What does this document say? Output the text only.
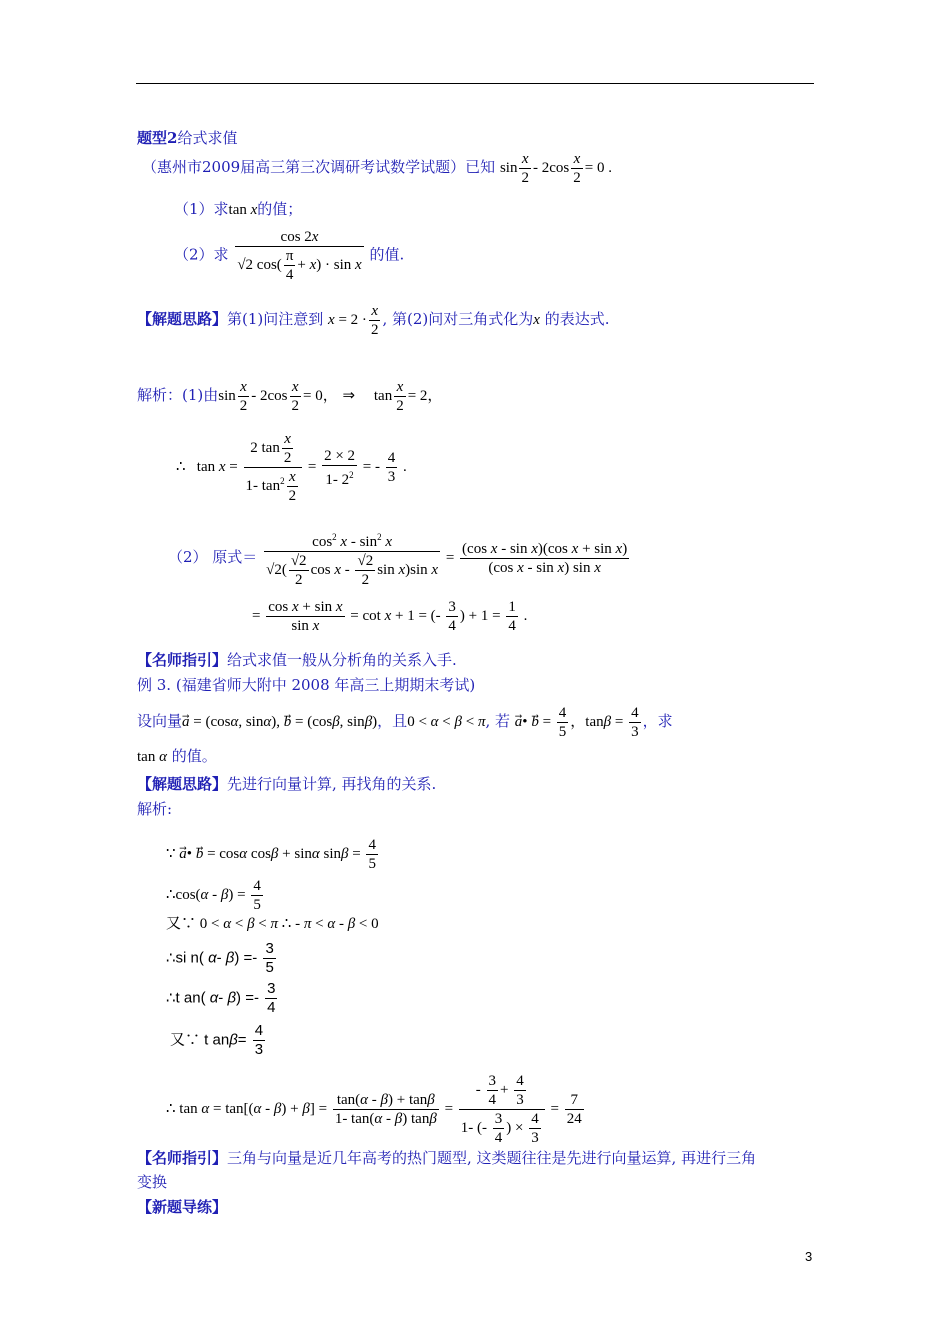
题型2给式求值
（惠州市2009届高三第三次调研考试数学试题）已知 $\sin \frac{x}{2} - 2\cos \frac{x}{2} = 0$ .
（1）求tan x的值；
（2）求 $\frac{\cos 2x}{√2 \cos( \frac{\pi}{4} + x) \cdot \sin x}$ 的值.
【解题思路】第(1)问注意到 $x = 2 \cdot \frac{x}{2}$ , 第(2)问对三角式化为x 的表达式.
解析：(1)由$\sin \frac{x}{2} - 2\cos \frac{x}{2} = 0$， ⇒ $\tan \frac{x}{2} = 2$，
∴   $\tan x = \frac{2 \tan \frac{x}{2}}{1- \tan^2 \frac{x}{2}} = \frac{2 \times 2}{1- 2^2}$ = - $\frac{4}{3}$ .
（2） 原式＝ $\frac{\cos^2 x - \sin^2 x}{√2( \frac{√2}{2} \cos x - \frac{√2}{2} \sin x)\sin x} = \frac{\text{(cos x - sin x)(cos x + sin x)}}{\text{(cos x - sin x) sin x}}$
= $\frac{\text{cos x + sin x}}{\text{sin x}} = \cot x + 1$ = (- $\frac{3}{4}$ ) + $1 = \frac{1}{4}$ .
【名师指引】给式求值一般从分析角的关系入手.
例 3. (福建省师大附中 2008 年高三上期期末考试)
设向量a⃗ = (cosα, sinα), b⃗ = (cosβ, sinβ)，且0 < α < β < π, 若 a⃗• b⃗ = $\frac{4}{5}$ ，$\tan\beta = \frac{4}{3}$ ，求
tan α 的值。
【解题思路】先进行向量计算, 再找角的关系.
解析:
∵ a⃗• b⃗ = cosα cosβ + sinα $\sin\beta = \frac{4}{5}$
∴cos(α - $\beta) = \frac{4}{5}$
又∵ 0 < α < β < π ∴ - π < α - β < 0
∴si n( α- $\beta) =- \frac{3}{5}$
∴t an( α- $\beta) =- \frac{3}{4}$
又∵ t $an\beta= \frac{4}{3}$
∴ $\tan \alpha = \tan[(\alpha - \beta) + \beta] = \frac{\tan(\alpha - \beta) + \tan\beta}{1- \tan(\alpha - \beta) \tan\beta} = \frac{- \frac{3}{4} + \frac{4}{3}}{1- (- \frac{3}{4} ) \times \frac{4}{3}} = \frac{7}{24}$
【名师指引】三角与向量是近几年高考的热门题型, 这类题往往是先进行向量运算, 再进行三角
变换
【新题导练】
3
